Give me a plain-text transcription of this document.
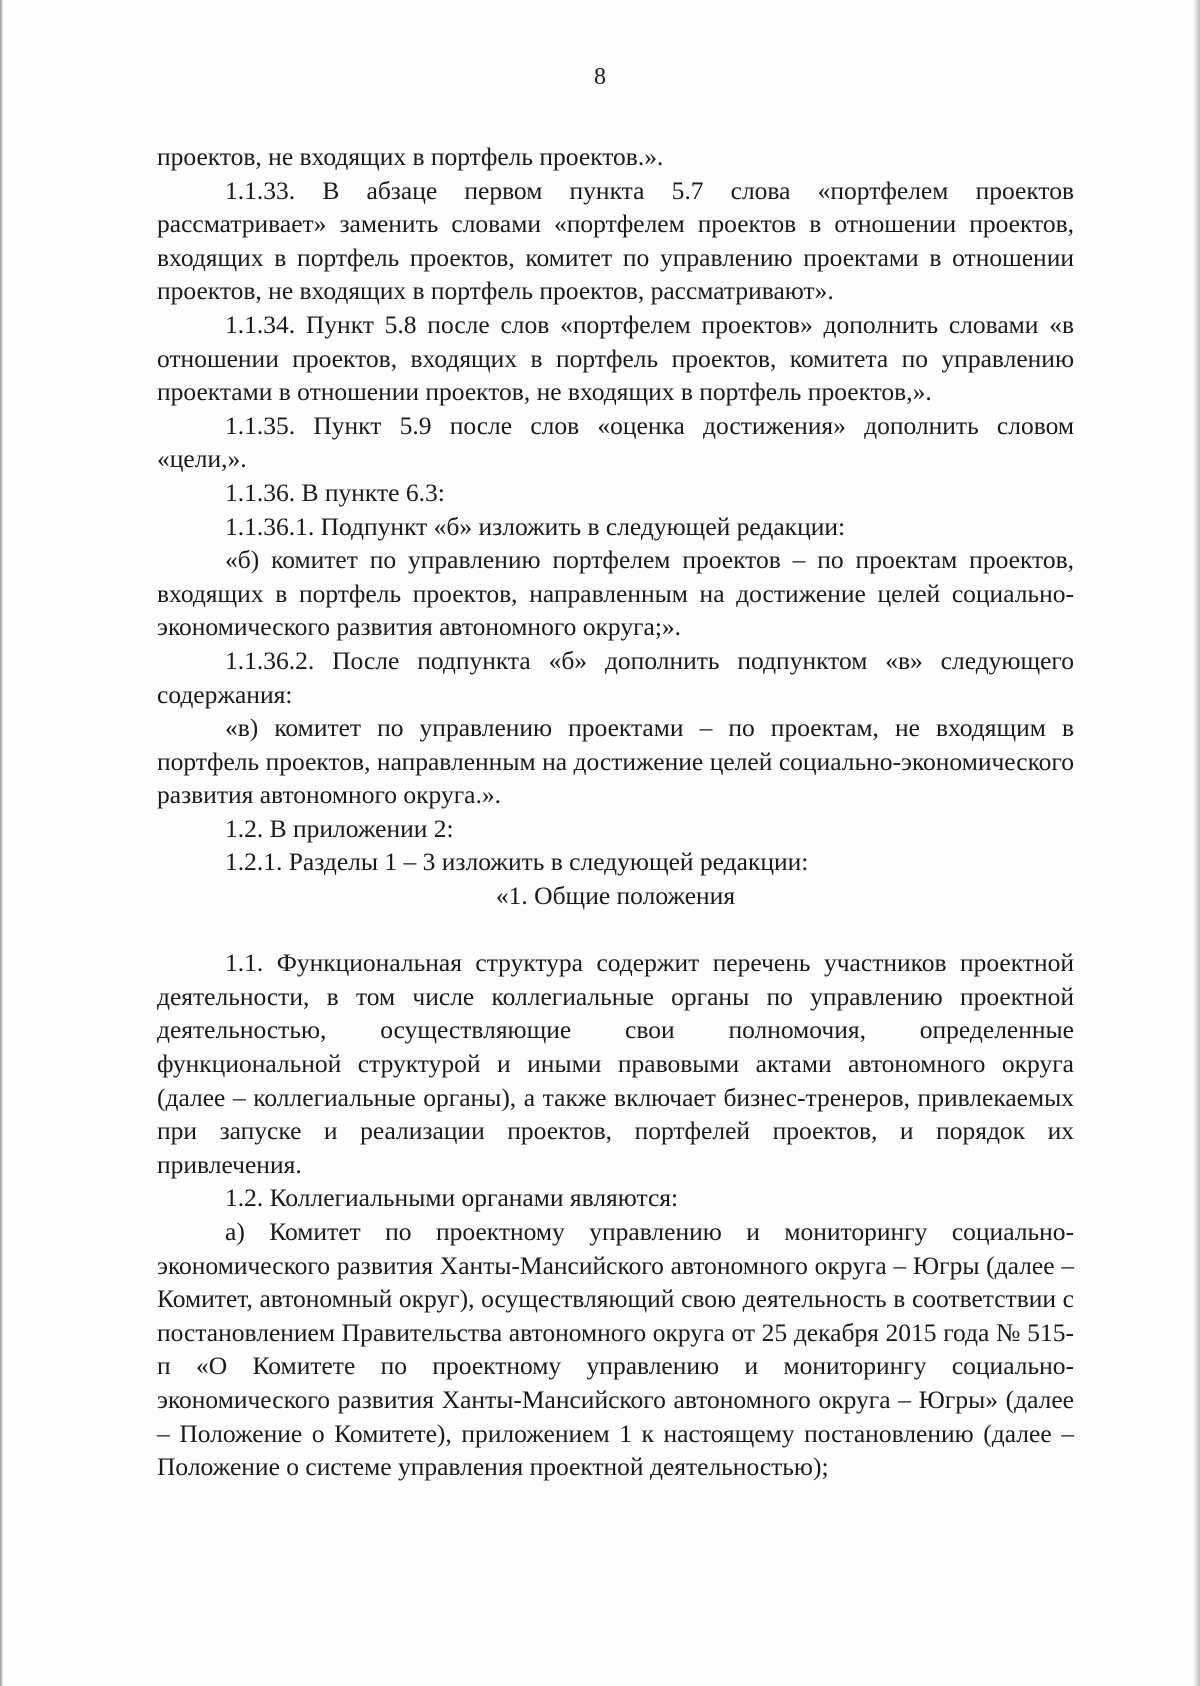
8

проектов, не входящих в портфель проектов.».

1.1.33. В абзаце первом пункта 5.7 слова «портфелем проектов рассматривает» заменить словами «портфелем проектов в отношении проектов, входящих в портфель проектов, комитет по управлению проектами в отношении проектов, не входящих в портфель проектов, рассматривают».

1.1.34. Пункт 5.8 после слов «портфелем проектов» дополнить словами «в отношении проектов, входящих в портфель проектов, комитета по управлению проектами в отношении проектов, не входящих в портфель проектов,».

1.1.35. Пункт 5.9 после слов «оценка достижения» дополнить словом «цели,».

1.1.36. В пункте 6.3:

1.1.36.1. Подпункт «б» изложить в следующей редакции:

«б) комитет по управлению портфелем проектов – по проектам проектов, входящих в портфель проектов, направленным на достижение целей социально-экономического развития автономного округа;».

1.1.36.2. После подпункта «б» дополнить подпунктом «в» следующего содержания:

«в) комитет по управлению проектами – по проектам, не входящим в портфель проектов, направленным на достижение целей социально-экономического развития автономного округа.».

1.2. В приложении 2:

1.2.1. Разделы 1 – 3 изложить в следующей редакции:

«1. Общие положения

1.1. Функциональная структура содержит перечень участников проектной деятельности, в том числе коллегиальные органы по управлению проектной деятельностью, осуществляющие свои полномочия, определенные функциональной структурой и иными правовыми актами автономного округа (далее – коллегиальные органы), а также включает бизнес-тренеров, привлекаемых при запуске и реализации проектов, портфелей проектов, и порядок их привлечения.

1.2. Коллегиальными органами являются:

а) Комитет по проектному управлению и мониторингу социально-экономического развития Ханты-Мансийского автономного округа – Югры (далее – Комитет, автономный округ), осуществляющий свою деятельность в соответствии с постановлением Правительства автономного округа от 25 декабря 2015 года № 515-п «О Комитете по проектному управлению и мониторингу социально-экономического развития Ханты-Мансийского автономного округа – Югры» (далее – Положение о Комитете), приложением 1 к настоящему постановлению (далее – Положение о системе управления проектной деятельностью);
